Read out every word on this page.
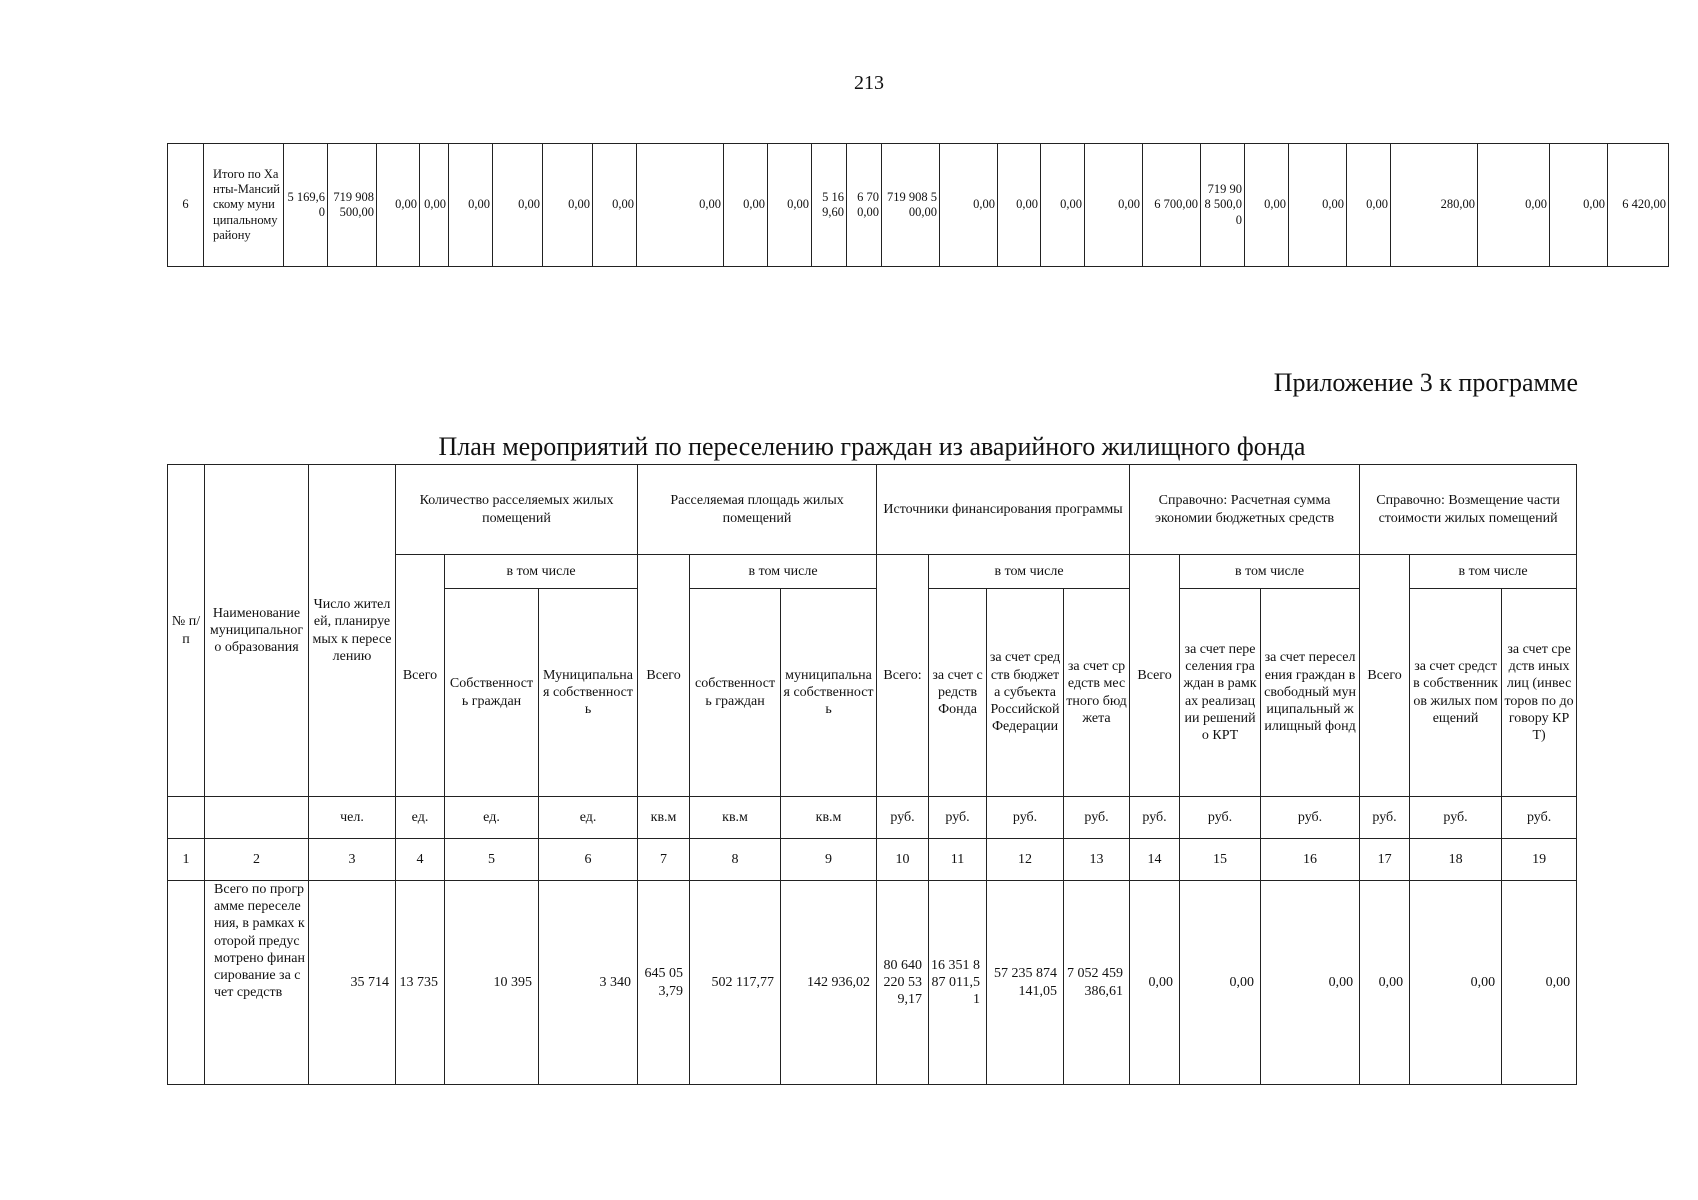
213
6	Итого по Ханты-Мансийскому муниципальному району	5 169,60	719 908 500,00	0,00	0,00	0,00	0,00	0,00	0,00	0,00	0,00	0,00	5 169,60	6 700,00	719 908 500,00	0,00	0,00	0,00	0,00	6 700,00	719 908 500,00	0,00	0,00	0,00	280,00	0,00	0,00	6 420,00
Приложение 3 к программе
План мероприятий по переселению граждан из аварийного жилищного фонда
№ п/п	Наименование муниципального образования	Число жителей, планируемых к переселению	Количество расселяемых жилых помещений			Расселяемая площадь жилых помещений			Источники финансирования программы				Справочно: Расчетная сумма экономии бюджетных средств			Справочно: Возмещение части стоимости жилых помещений		
			Всего	в том числе		Всего	в том числе		Всего:	в том числе			Всего	в том числе		Всего	в том числе	
				Собственность граждан	Муниципальная собственность		собственность граждан	муниципальная собственность		за счет средств Фонда	за счет средств бюджета субъекта Российской Федерации	за счет средств местного бюджета		за счет переселения граждан в рамках реализации решений о КРТ	за счет переселения граждан в свободный муниципальный жилищный фонд		за счет средств собственников жилых помещений	за счет средств иных лиц (инвесторов по договору КРТ)
		чел.	ед.	ед.	ед.	кв.м	кв.м	кв.м	руб.	руб.	руб.	руб.	руб.	руб.	руб.	руб.	руб.	руб.
1	2	3	4	5	6	7	8	9	10	11	12	13	14	15	16	17	18	19
	Всего по программе переселения, в рамках которой предусмотрено финансирование за счет средств	35 714	13 735	10 395	3 340	645 053,79	502 117,77	142 936,02	80 640 220 539,17	16 351 887 011,51	57 235 874 141,05	7 052 459 386,61	0,00	0,00	0,00	0,00	0,00	0,00
